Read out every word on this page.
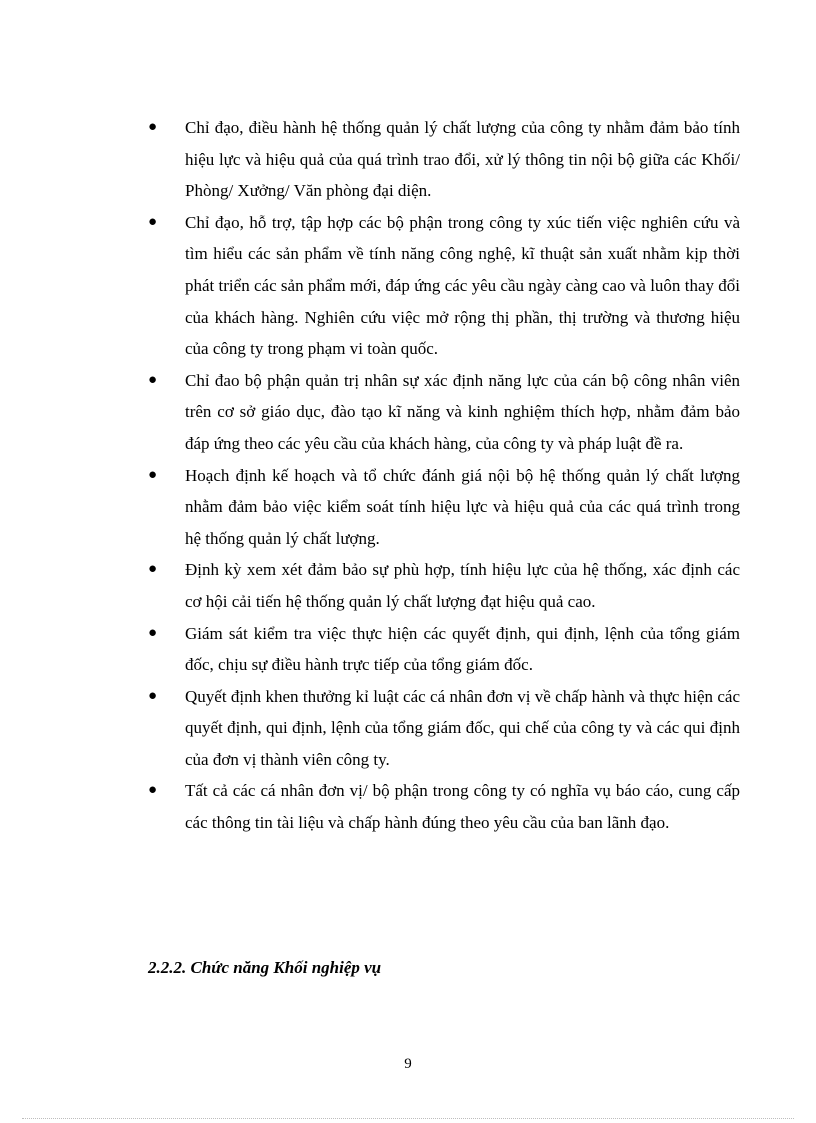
● Chỉ đạo, điều hành hệ thống quản lý chất lượng của công ty nhằm đảm bảo tính hiệu lực và hiệu quả của quá trình trao đổi, xử lý thông tin nội bộ giữa các Khối/ Phòng/ Xưởng/ Văn phòng đại diện.
● Chỉ đạo, hỗ trợ, tập hợp các bộ phận trong công ty xúc tiến việc nghiên cứu và tìm hiểu các sản phẩm về tính năng công nghệ, kĩ thuật sản xuất nhằm kịp thời phát triển các sản phẩm mới, đáp ứng các yêu cầu ngày càng cao và luôn thay đổi của khách hàng. Nghiên cứu việc mở rộng thị phần, thị trường và thương hiệu của công ty trong phạm vi toàn quốc.
● Chỉ đao bộ phận quản trị nhân sự xác định năng lực của cán bộ công nhân viên trên cơ sở giáo dục, đào tạo kĩ năng và kinh nghiệm thích hợp, nhằm đảm bảo đáp ứng theo các yêu cầu của khách hàng, của công ty và pháp luật đề ra.
● Hoạch định kế hoạch và tổ chức đánh giá nội bộ hệ thống quản lý chất lượng nhằm đảm bảo việc kiểm soát tính hiệu lực và hiệu quả của các quá trình trong hệ thống quản lý chất lượng.
● Định kỳ xem xét đảm bảo sự phù hợp, tính hiệu lực của hệ thống, xác định các cơ hội cải tiến hệ thống quản lý chất lượng đạt hiệu quả cao.
● Giám sát kiểm tra việc thực hiện các quyết định, qui định, lệnh của tổng giám đốc, chịu sự điều hành trực tiếp của tổng giám đốc.
● Quyết định khen thưởng kỉ luật các cá nhân đơn vị về chấp hành và thực hiện các quyết định, qui định, lệnh của tổng giám đốc, qui chế của công ty và các qui định của đơn vị thành viên công ty.
● Tất cả các cá nhân đơn vị/ bộ phận trong công ty có nghĩa vụ báo cáo, cung cấp các thông tin tài liệu và chấp hành đúng theo yêu cầu của ban lãnh đạo.
2.2.2. Chức năng Khối nghiệp vụ
9
